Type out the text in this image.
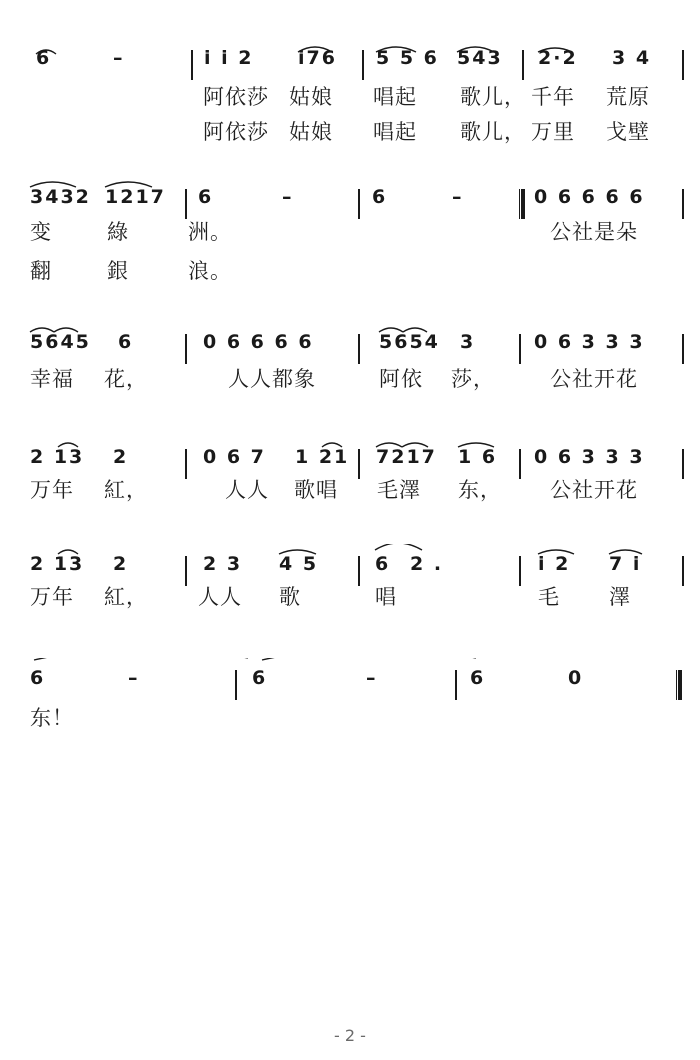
6	–	i i 2 i76 5 5 6 543 2·2 3 4
阿依莎 姑娘 唱起 歌儿， 千年 荒原
阿依莎 姑娘 唱起 歌儿， 万里 戈壁
3432 1217 6	–	6	–	0 6 6 6 6
变	綠	洲。	公社是朵
翻	銀	浪。
5645 6	0 6 6 6 6	5654 3	0 6 3 3 3
幸福 花，	人人都象	阿依 莎，	公社开花
2 13 2	0 6 7 1 21 7217 1 6 0 6 3 3 3
万年 紅，	人人 歌唱 毛澤 东， 公社开花
2 13 2	2 3 4 5	6 2 .	i 2 7 i
万年 紅， 人人 歌	唱	毛 澤
6	–	6	–	6	0
东！
- 2 -
